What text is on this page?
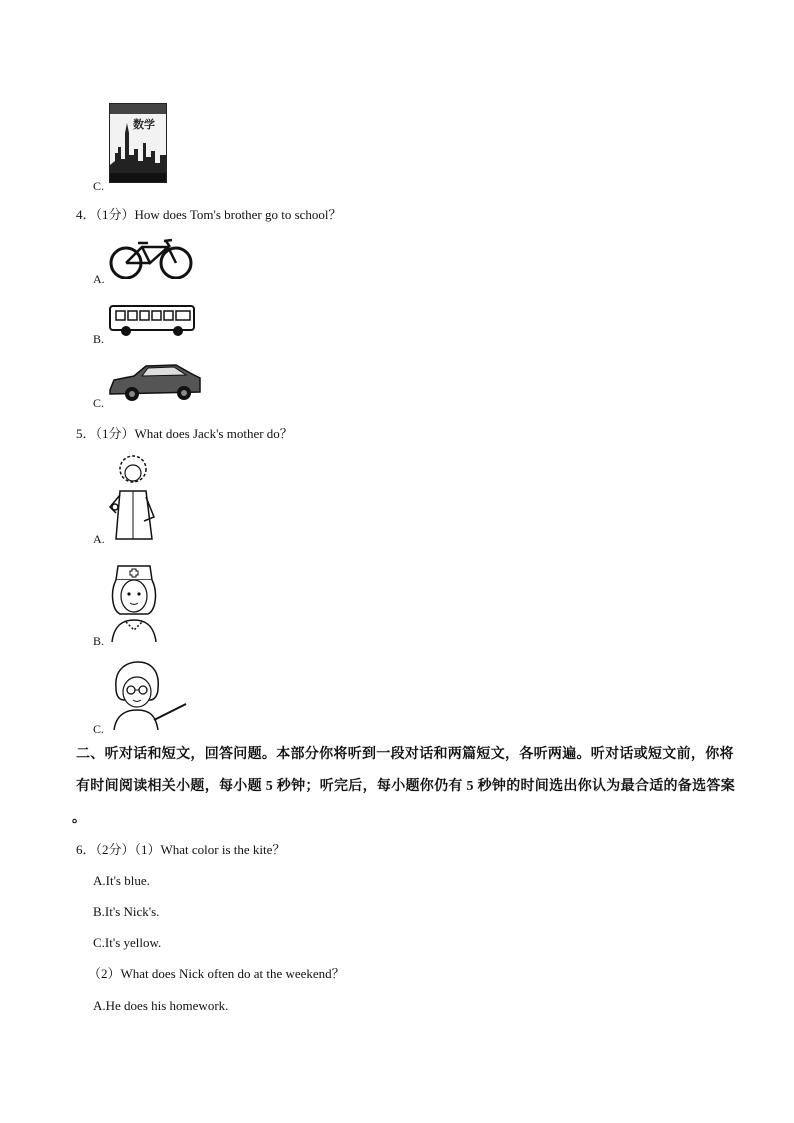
数学
C.
4．（1分）How does Tom's brother go to school？
A.
B.
C.
5．（1分）What does Jack's mother do？
A.
B.
C.
二、听对话和短文，回答问题。本部分你将听到一段对话和两篇短文，各听两遍。听对话或短文前，你将
有时间阅读相关小题，每小题 5 秒钟；听完后，每小题你仍有 5 秒钟的时间选出你认为最合适的备选答案
。
6．（2分）（1）What color is the kite？
A.It's blue.
B.It's Nick's.
C.It's yellow.
（2）What does Nick often do at the weekend？
A.He does his homework.
